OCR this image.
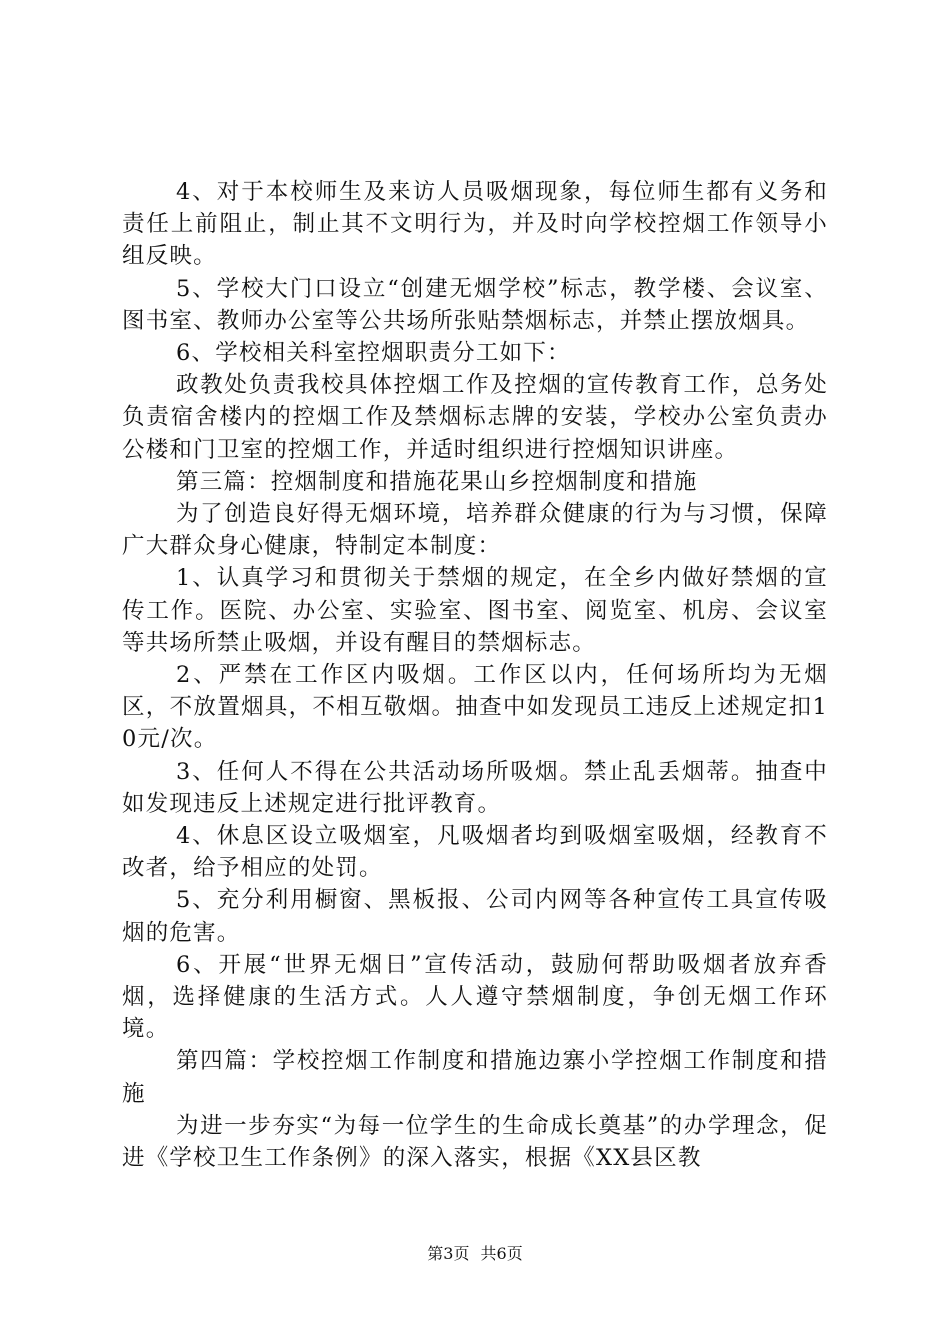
4、对于本校师生及来访人员吸烟现象，每位师生都有义务和责任上前阻止，制止其不文明行为，并及时向学校控烟工作领导小组反映。

5、学校大门口设立“创建无烟学校”标志，教学楼、会议室、图书室、教师办公室等公共场所张贴禁烟标志，并禁止摆放烟具。

6、学校相关科室控烟职责分工如下：

政教处负责我校具体控烟工作及控烟的宣传教育工作，总务处负责宿舍楼内的控烟工作及禁烟标志牌的安装，学校办公室负责办公楼和门卫室的控烟工作，并适时组织进行控烟知识讲座。

第三篇：控烟制度和措施花果山乡控烟制度和措施

为了创造良好得无烟环境，培养群众健康的行为与习惯，保障广大群众身心健康，特制定本制度：

1、认真学习和贯彻关于禁烟的规定，在全乡内做好禁烟的宣传工作。医院、办公室、实验室、图书室、阅览室、机房、会议室等共场所禁止吸烟，并设有醒目的禁烟标志。

2、严禁在工作区内吸烟。工作区以内，任何场所均为无烟区，不放置烟具，不相互敬烟。抽查中如发现员工违反上述规定扣10元/次。

3、任何人不得在公共活动场所吸烟。禁止乱丢烟蒂。抽查中如发现违反上述规定进行批评教育。

4、休息区设立吸烟室，凡吸烟者均到吸烟室吸烟，经教育不改者，给予相应的处罚。

5、充分利用橱窗、黑板报、公司内网等各种宣传工具宣传吸烟的危害。

6、开展“世界无烟日”宣传活动，鼓励何帮助吸烟者放弃香烟，选择健康的生活方式。人人遵守禁烟制度，争创无烟工作环境。

第四篇：学校控烟工作制度和措施边寨小学控烟工作制度和措施

为进一步夯实“为每一位学生的生命成长奠基”的办学理念，促进《学校卫生工作条例》的深入落实，根据《XX县区教

第3页 共6页
